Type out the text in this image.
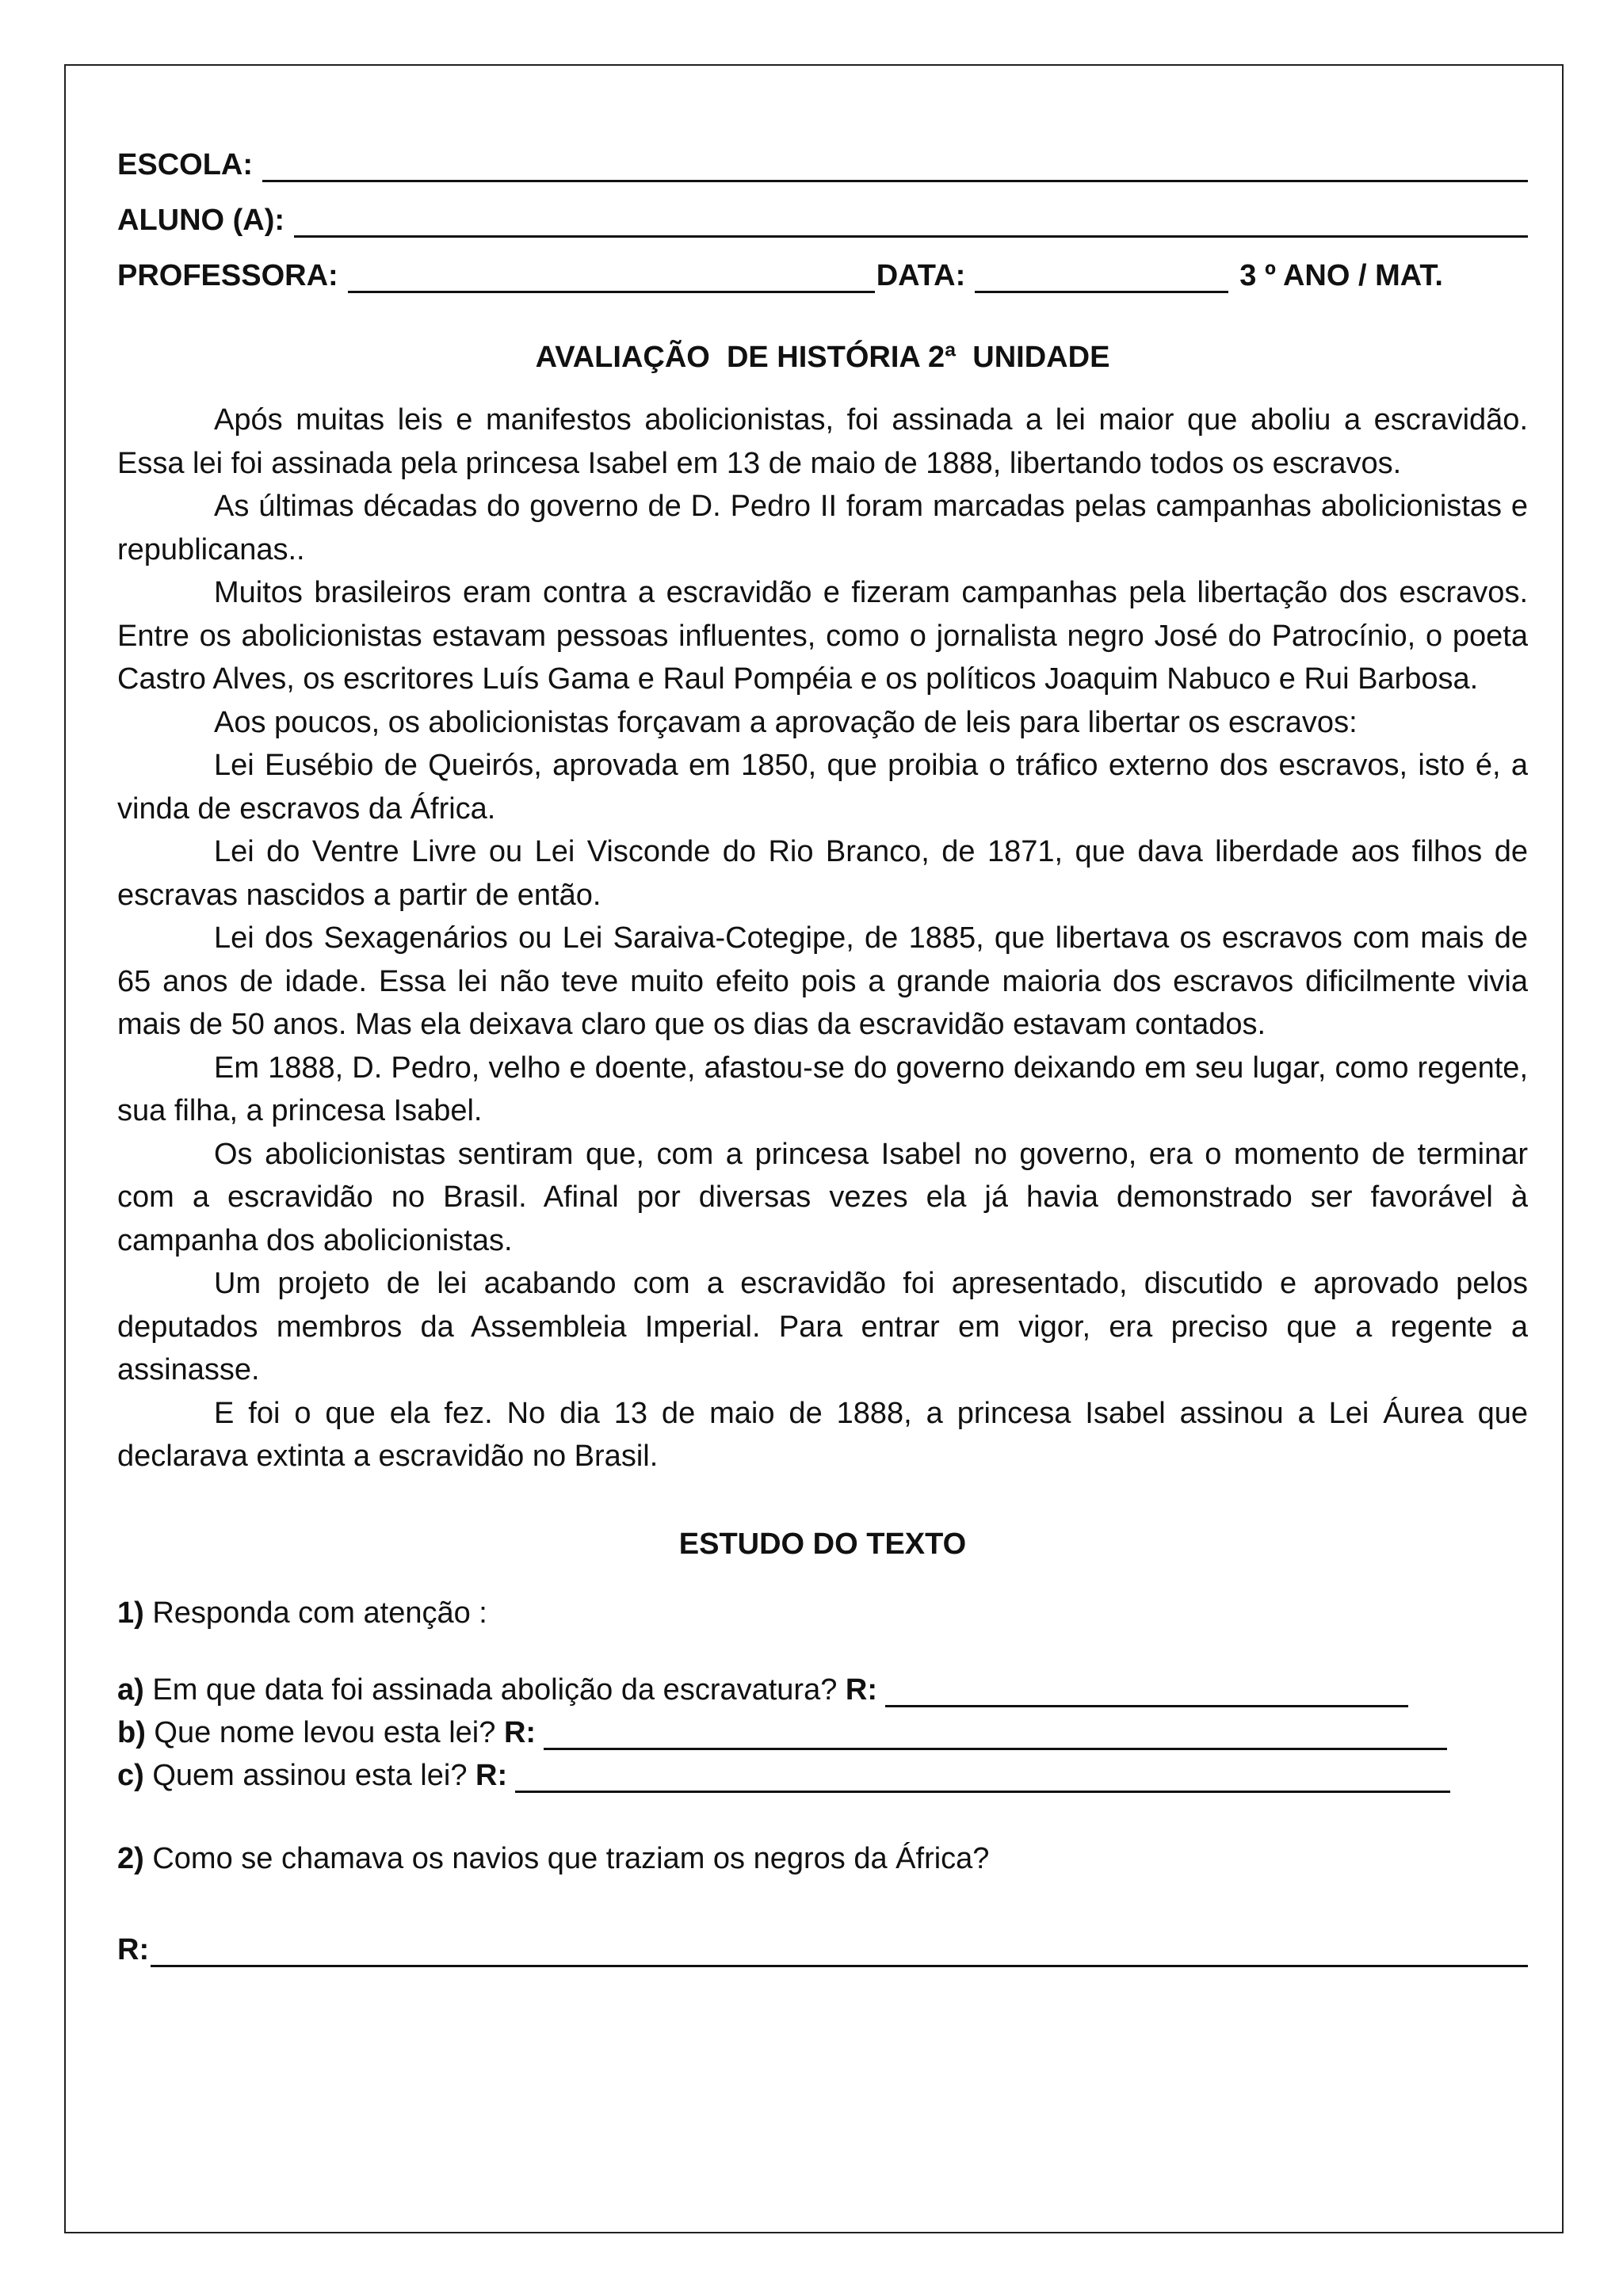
ESCOLA:
ALUNO (A):
PROFESSORA:	DATA:	3 º ANO / MAT.
AVALIAÇÃO  DE HISTÓRIA 2ª  UNIDADE

Após muitas leis e manifestos abolicionistas, foi assinada a lei maior que aboliu a escravidão. Essa lei foi assinada pela princesa Isabel em 13 de maio de 1888, libertando todos os escravos.

As últimas décadas do governo de D. Pedro II foram marcadas pelas campanhas abolicionistas e republicanas..

Muitos brasileiros eram contra a escravidão e fizeram campanhas pela libertação dos escravos. Entre os abolicionistas estavam pessoas influentes, como o jornalista negro José do Patrocínio, o poeta Castro Alves, os escritores Luís Gama e Raul Pompéia e os políticos Joaquim Nabuco e Rui Barbosa.

Aos poucos, os abolicionistas forçavam a aprovação de leis para libertar os escravos:

Lei Eusébio de Queirós, aprovada em 1850, que proibia o tráfico externo dos escravos, isto é, a vinda de escravos da África.

Lei do Ventre Livre ou Lei Visconde do Rio Branco, de 1871, que dava liberdade aos filhos de escravas nascidos a partir de então.

Lei dos Sexagenários ou Lei Saraiva-Cotegipe, de 1885, que libertava os escravos com mais de 65 anos de idade. Essa lei não teve muito efeito pois a grande maioria dos escravos dificilmente vivia mais de 50 anos. Mas ela deixava claro que os dias da escravidão estavam contados.

Em 1888, D. Pedro, velho e doente, afastou-se do governo deixando em seu lugar, como regente, sua filha, a princesa Isabel.

Os abolicionistas sentiram que, com a princesa Isabel no governo, era o momento de terminar com a escravidão no Brasil. Afinal por diversas vezes ela já havia demonstrado ser favorável à campanha dos abolicionistas.

Um projeto de lei acabando com a escravidão foi apresentado, discutido e aprovado pelos deputados membros da Assembleia Imperial. Para entrar em vigor, era preciso que a regente a assinasse.

E foi o que ela fez. No dia 13 de maio de 1888, a princesa Isabel assinou a Lei Áurea que declarava extinta a escravidão no Brasil.

ESTUDO DO TEXTO
1) Responda com atenção :
a) Em que data foi assinada abolição da escravatura? R:
b) Que nome levou esta lei? R:
c) Quem assinou esta lei? R:
2) Como se chamava os navios que traziam os negros da África?
R:
